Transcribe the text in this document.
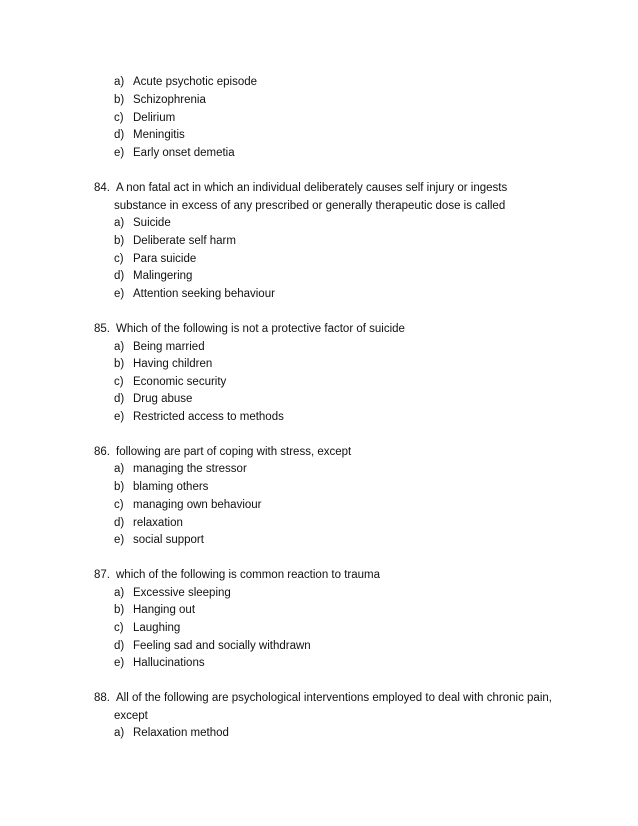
a) Acute psychotic episode
b) Schizophrenia
c) Delirium
d) Meningitis
e) Early onset demetia
84. A non fatal act in which an individual deliberately causes self injury or ingests
substance in excess of any prescribed or generally therapeutic dose is called
a) Suicide
b) Deliberate self harm
c) Para suicide
d) Malingering
e) Attention seeking behaviour
85. Which of the following is not a protective factor of suicide
a) Being married
b) Having children
c) Economic security
d) Drug abuse
e) Restricted access to methods
86. following are part of coping with stress, except
a) managing the stressor
b) blaming others
c) managing own behaviour
d) relaxation
e) social support
87. which of the following is common reaction to trauma
a) Excessive sleeping
b) Hanging out
c) Laughing
d) Feeling sad and socially withdrawn
e) Hallucinations
88. All of the following are psychological interventions employed to deal with chronic pain,
except
a) Relaxation method
